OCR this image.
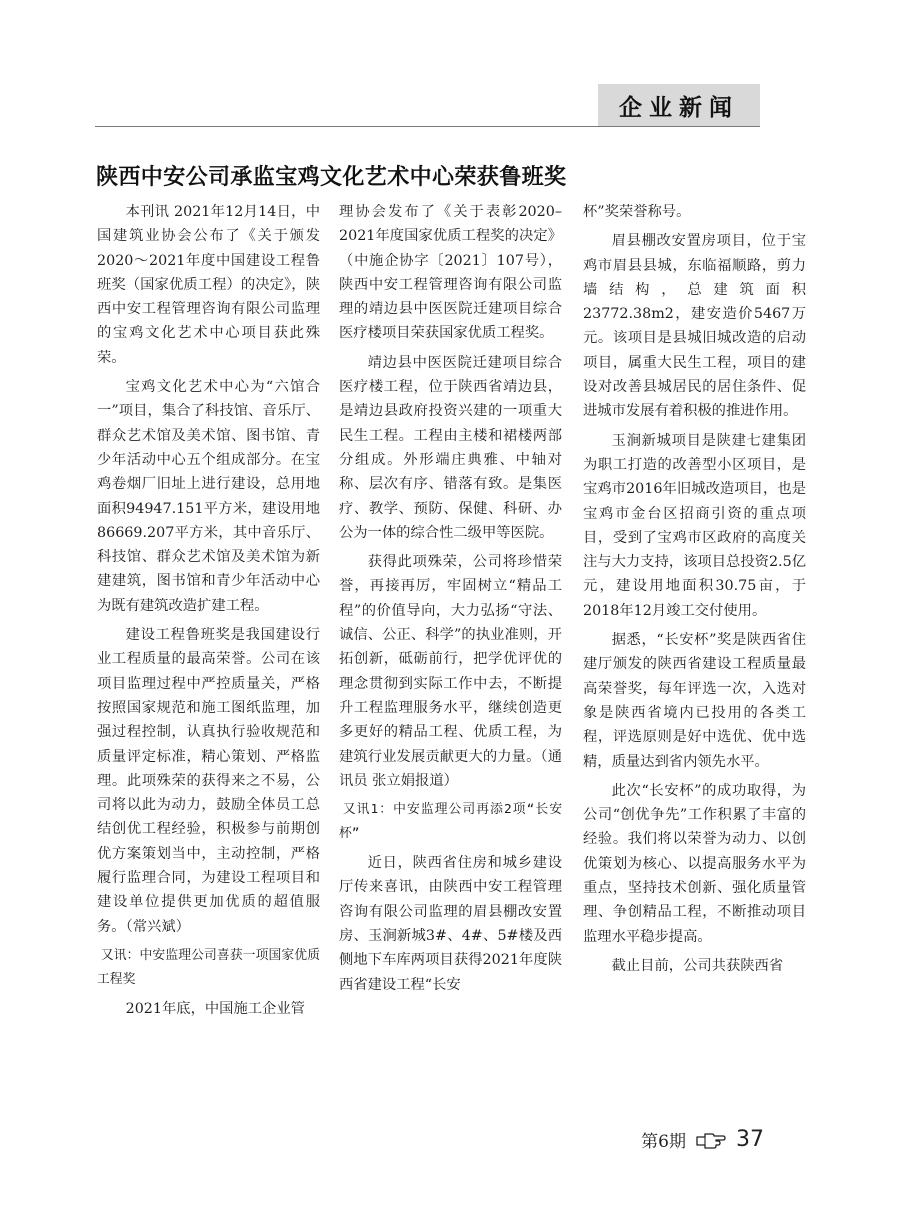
企业新闻
陕西中安公司承监宝鸡文化艺术中心荣获鲁班奖

本刊讯 2021年12月14日，中国建筑业协会公布了《关于颁发2020～2021年度中国建设工程鲁班奖（国家优质工程）的决定》，陕西中安工程管理咨询有限公司监理的宝鸡文化艺术中心项目获此殊荣。

宝鸡文化艺术中心为“六馆合一”项目，集合了科技馆、音乐厅、群众艺术馆及美术馆、图书馆、青少年活动中心五个组成部分。在宝鸡卷烟厂旧址上进行建设，总用地面积94947.151平方米，建设用地86669.207平方米，其中音乐厅、科技馆、群众艺术馆及美术馆为新建建筑，图书馆和青少年活动中心为既有建筑改造扩建工程。

建设工程鲁班奖是我国建设行业工程质量的最高荣誉。公司在该项目监理过程中严控质量关，严格按照国家规范和施工图纸监理，加强过程控制，认真执行验收规范和质量评定标准，精心策划、严格监理。此项殊荣的获得来之不易，公司将以此为动力，鼓励全体员工总结创优工程经验，积极参与前期创优方案策划当中，主动控制，严格履行监理合同，为建设工程项目和建设单位提供更加优质的超值服务。（常兴斌）

又讯：中安监理公司喜获一项国家优质工程奖

2021年底，中国施工企业管

理协会发布了《关于表彰2020–2021年度国家优质工程奖的决定》（中施企协字〔2021〕107号），陕西中安工程管理咨询有限公司监理的靖边县中医医院迁建项目综合医疗楼项目荣获国家优质工程奖。

靖边县中医医院迁建项目综合医疗楼工程，位于陕西省靖边县，是靖边县政府投资兴建的一项重大民生工程。工程由主楼和裙楼两部分组成。外形端庄典雅、中轴对称、层次有序、错落有致。是集医疗、教学、预防、保健、科研、办公为一体的综合性二级甲等医院。

获得此项殊荣，公司将珍惜荣誉，再接再厉，牢固树立“精品工程”的价值导向，大力弘扬“守法、诚信、公正、科学”的执业准则，开拓创新，砥砺前行，把学优评优的理念贯彻到实际工作中去，不断提升工程监理服务水平，继续创造更多更好的精品工程、优质工程，为建筑行业发展贡献更大的力量。（通讯员 张立娟报道）

又讯1：中安监理公司再添2项“长安杯”

近日，陕西省住房和城乡建设厅传来喜讯，由陕西中安工程管理咨询有限公司监理的眉县棚改安置房、玉涧新城3#、4#、5#楼及西侧地下车库两项目获得2021年度陕西省建设工程“长安

杯”奖荣誉称号。

眉县棚改安置房项目，位于宝鸡市眉县县城，东临福顺路，剪力墙结构，总建筑面积23772.38m2，建安造价5467万元。该项目是县城旧城改造的启动项目，属重大民生工程，项目的建设对改善县城居民的居住条件、促进城市发展有着积极的推进作用。

玉涧新城项目是陕建七建集团为职工打造的改善型小区项目，是宝鸡市2016年旧城改造项目，也是宝鸡市金台区招商引资的重点项目，受到了宝鸡市区政府的高度关注与大力支持，该项目总投资2.5亿元，建设用地面积30.75亩，于2018年12月竣工交付使用。

据悉，“长安杯”奖是陕西省住建厅颁发的陕西省建设工程质量最高荣誉奖，每年评选一次，入选对象是陕西省境内已投用的各类工程，评选原则是好中选优、优中选精，质量达到省内领先水平。

此次“长安杯”的成功取得，为公司“创优争先”工作积累了丰富的经验。我们将以荣誉为动力、以创优策划为核心、以提高服务水平为重点，坚持技术创新、强化质量管理、争创精品工程，不断推动项目监理水平稳步提高。

截止目前，公司共获陕西省

第6期 37
